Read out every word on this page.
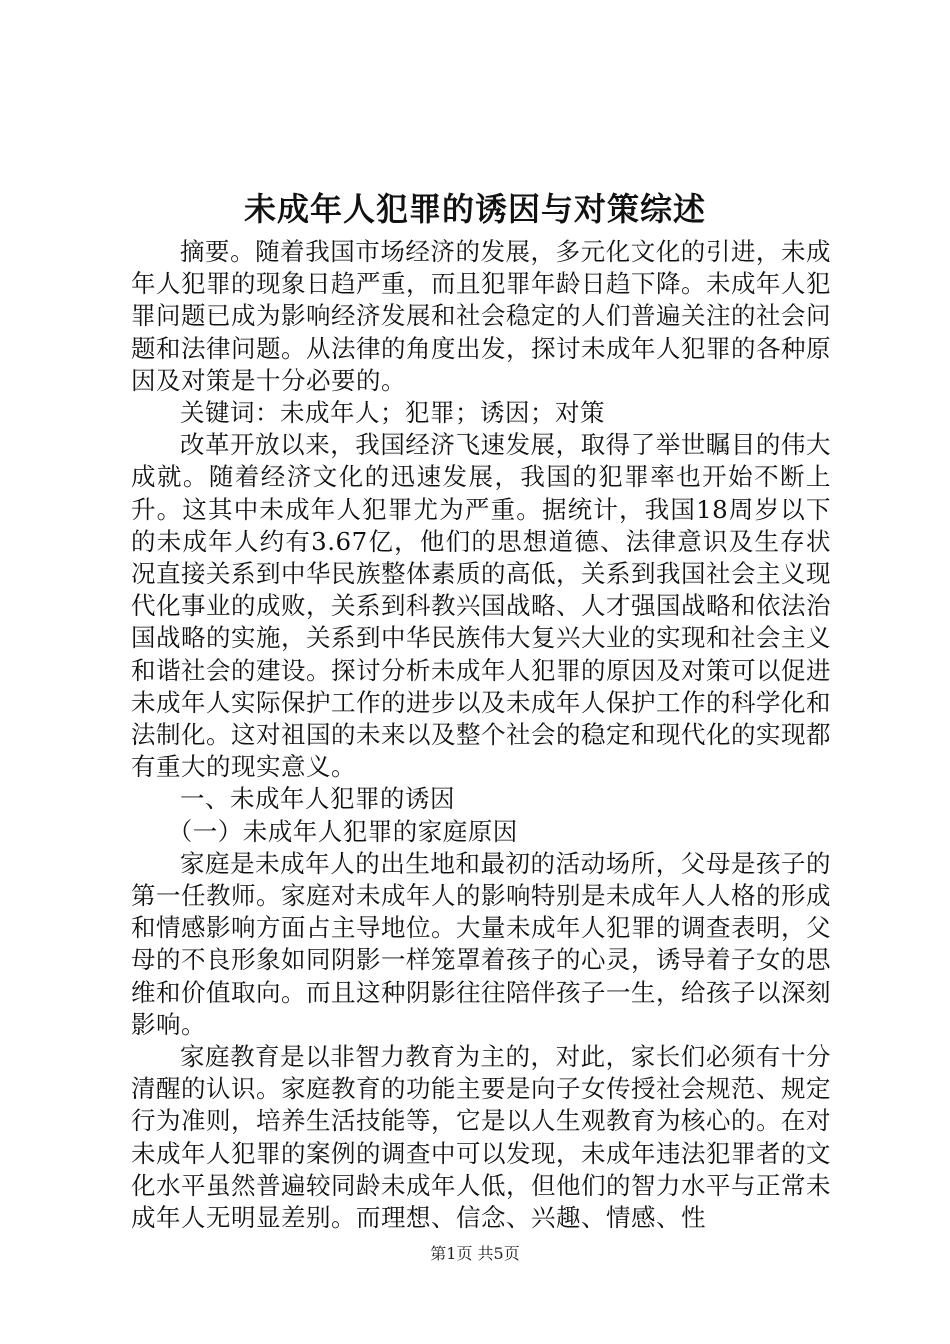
未成年人犯罪的诱因与对策综述

摘要。随着我国市场经济的发展，多元化文化的引进，未成年人犯罪的现象日趋严重，而且犯罪年龄日趋下降。未成年人犯罪问题已成为影响经济发展和社会稳定的人们普遍关注的社会问题和法律问题。从法律的角度出发，探讨未成年人犯罪的各种原因及对策是十分必要的。

关键词：未成年人；犯罪；诱因；对策

改革开放以来，我国经济飞速发展，取得了举世瞩目的伟大成就。随着经济文化的迅速发展，我国的犯罪率也开始不断上升。这其中未成年人犯罪尤为严重。据统计，我国18周岁以下的未成年人约有3.67亿，他们的思想道德、法律意识及生存状况直接关系到中华民族整体素质的高低，关系到我国社会主义现代化事业的成败，关系到科教兴国战略、人才强国战略和依法治国战略的实施，关系到中华民族伟大复兴大业的实现和社会主义和谐社会的建设。探讨分析未成年人犯罪的原因及对策可以促进未成年人实际保护工作的进步以及未成年人保护工作的科学化和法制化。这对祖国的未来以及整个社会的稳定和现代化的实现都有重大的现实意义。

一、未成年人犯罪的诱因

（一）未成年人犯罪的家庭原因

家庭是未成年人的出生地和最初的活动场所，父母是孩子的第一任教师。家庭对未成年人的影响特别是未成年人人格的形成和情感影响方面占主导地位。大量未成年人犯罪的调查表明，父母的不良形象如同阴影一样笼罩着孩子的心灵，诱导着子女的思维和价值取向。而且这种阴影往往陪伴孩子一生，给孩子以深刻影响。

家庭教育是以非智力教育为主的，对此，家长们必须有十分清醒的认识。家庭教育的功能主要是向子女传授社会规范、规定行为准则，培养生活技能等，它是以人生观教育为核心的。在对未成年人犯罪的案例的调查中可以发现，未成年违法犯罪者的文化水平虽然普遍较同龄未成年人低，但他们的智力水平与正常未成年人无明显差别。而理想、信念、兴趣、情感、性

第1页 共5页
